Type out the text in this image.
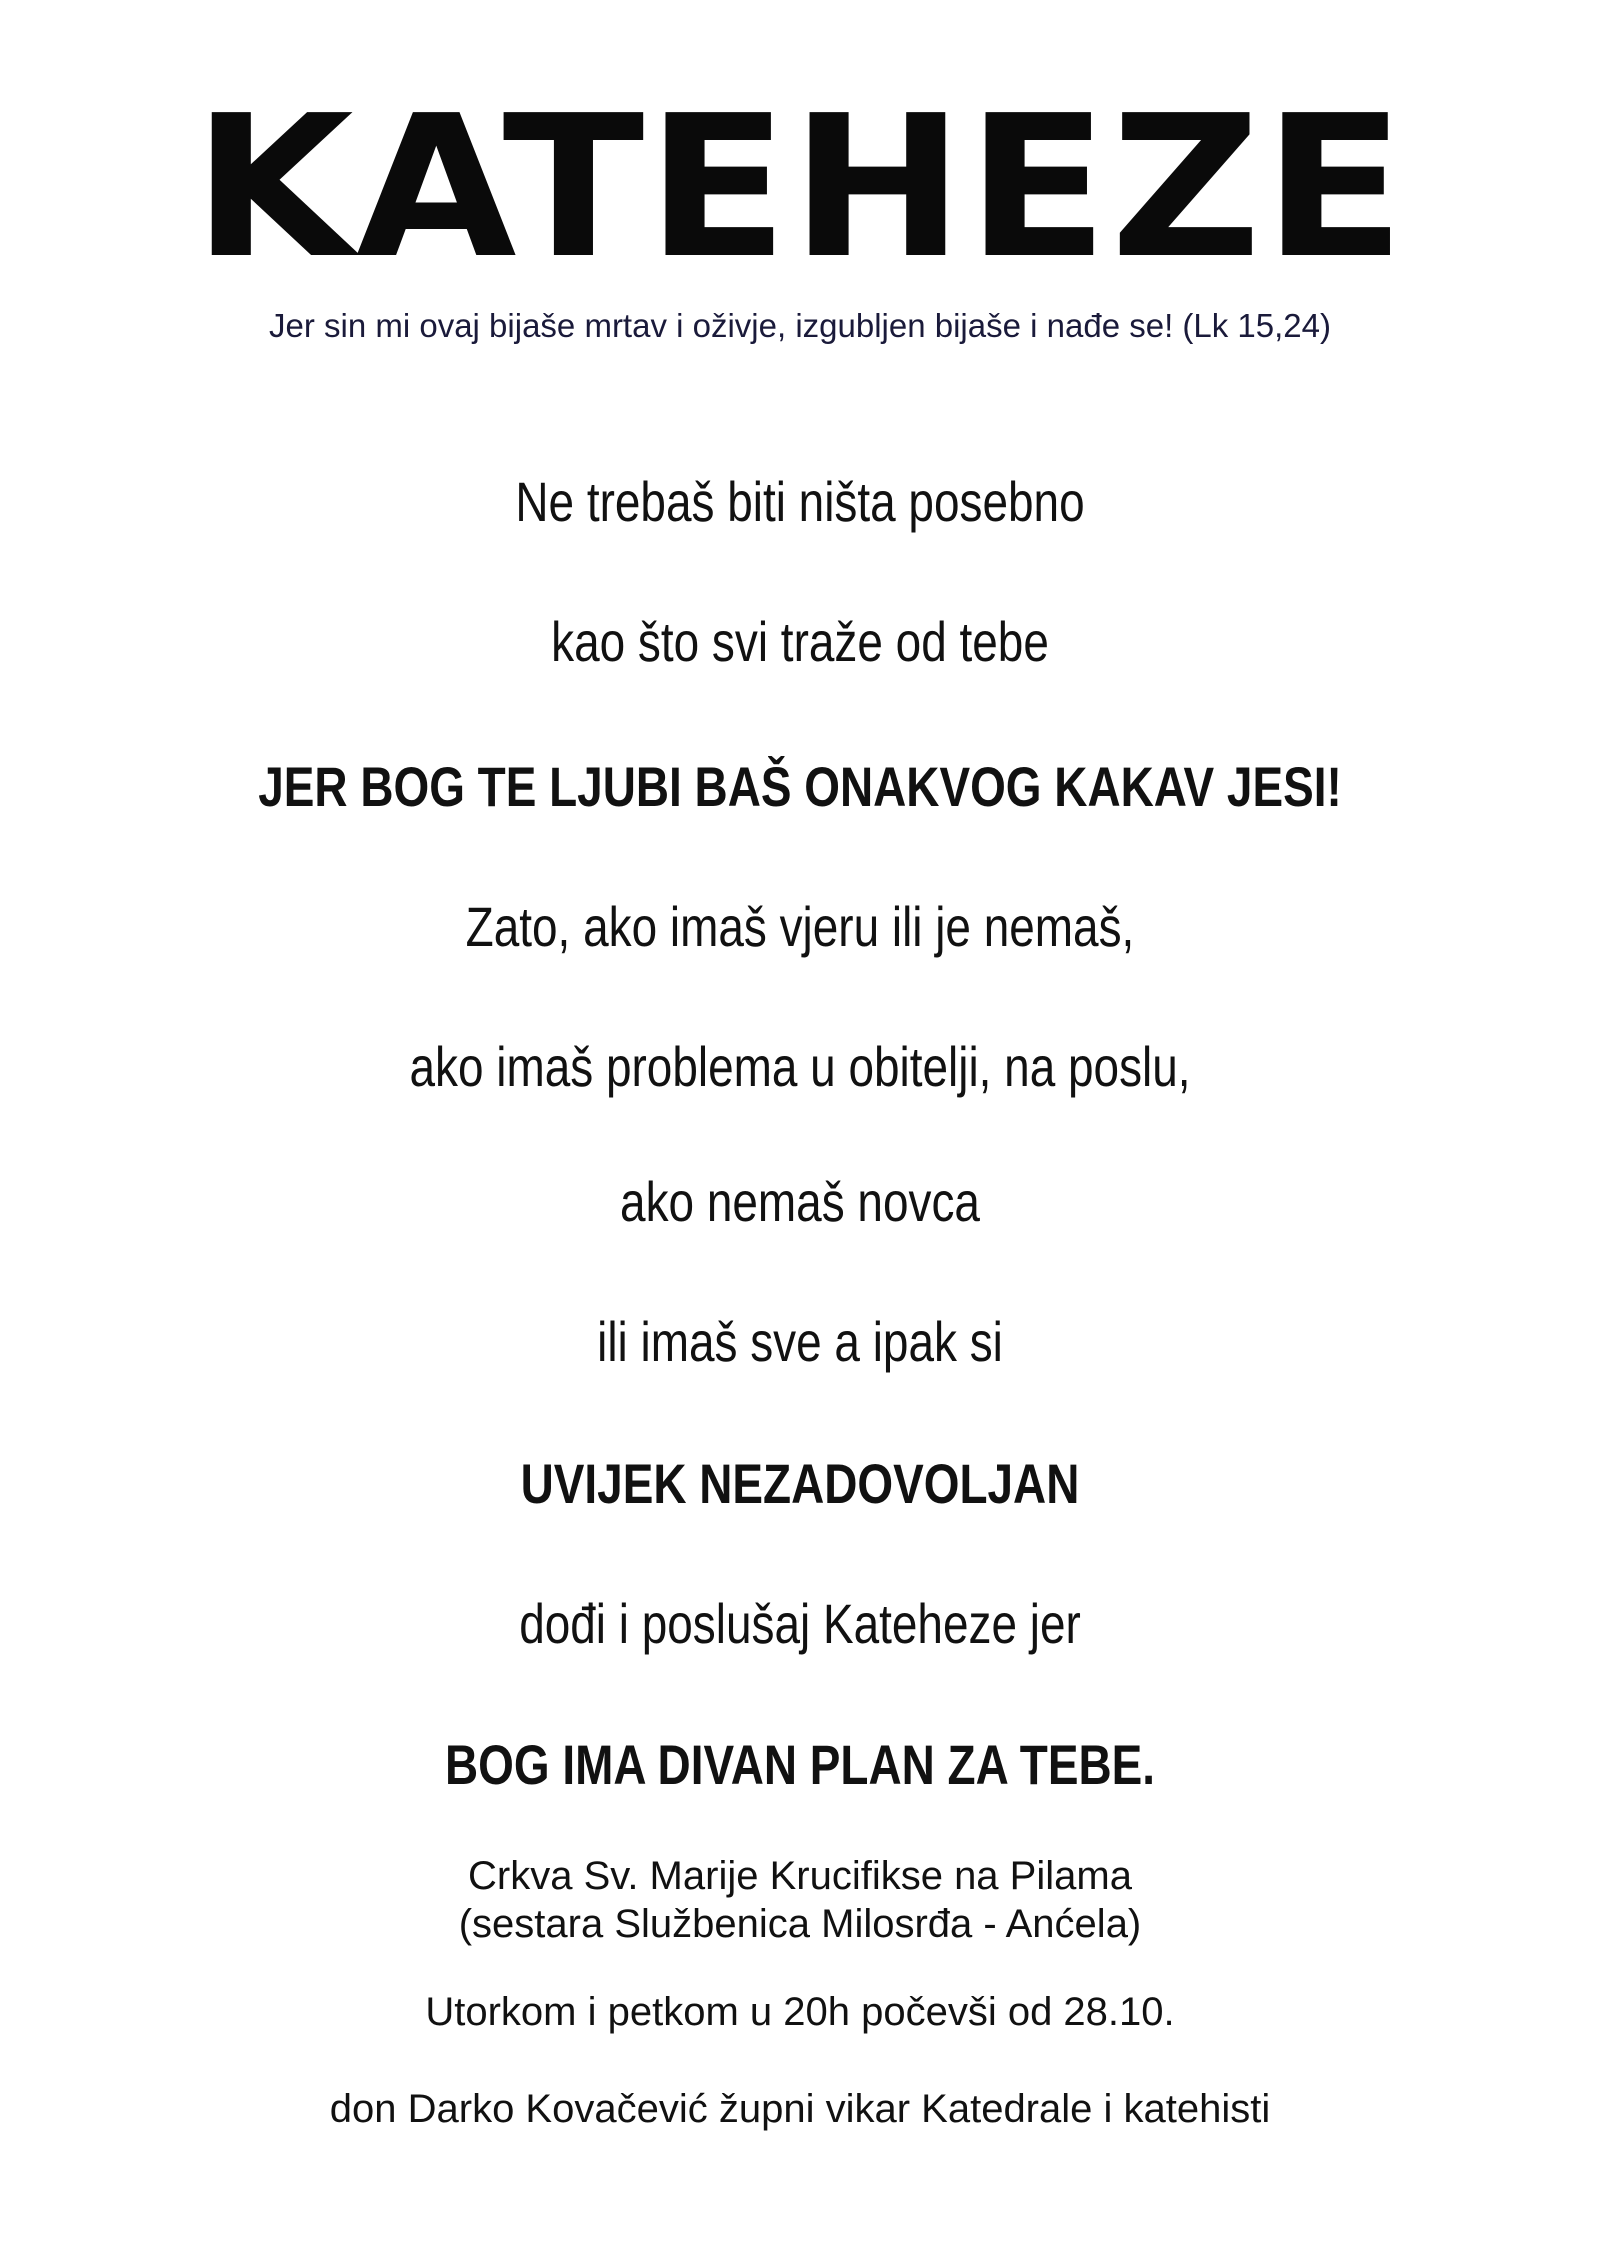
KATEHEZE
Jer sin mi ovaj bijaše mrtav i oživje, izgubljen bijaše i nađe se! (Lk 15,24)
Ne trebaš biti ništa posebno
kao što svi traže od tebe
JER BOG TE LJUBI BAŠ ONAKVOG KAKAV JESI!
Zato, ako imaš vjeru ili je nemaš,
ako imaš problema u obitelji, na poslu,
ako nemaš novca
ili imaš sve a ipak si
UVIJEK NEZADOVOLJAN
dođi i poslušaj Kateheze jer
BOG IMA DIVAN PLAN ZA TEBE.
Crkva Sv. Marije Krucifikse na Pilama
(sestara Službenica Milosrđa - Anćela)
Utorkom i petkom u 20h počevši od 28.10.
don Darko Kovačević župni vikar Katedrale i katehisti
